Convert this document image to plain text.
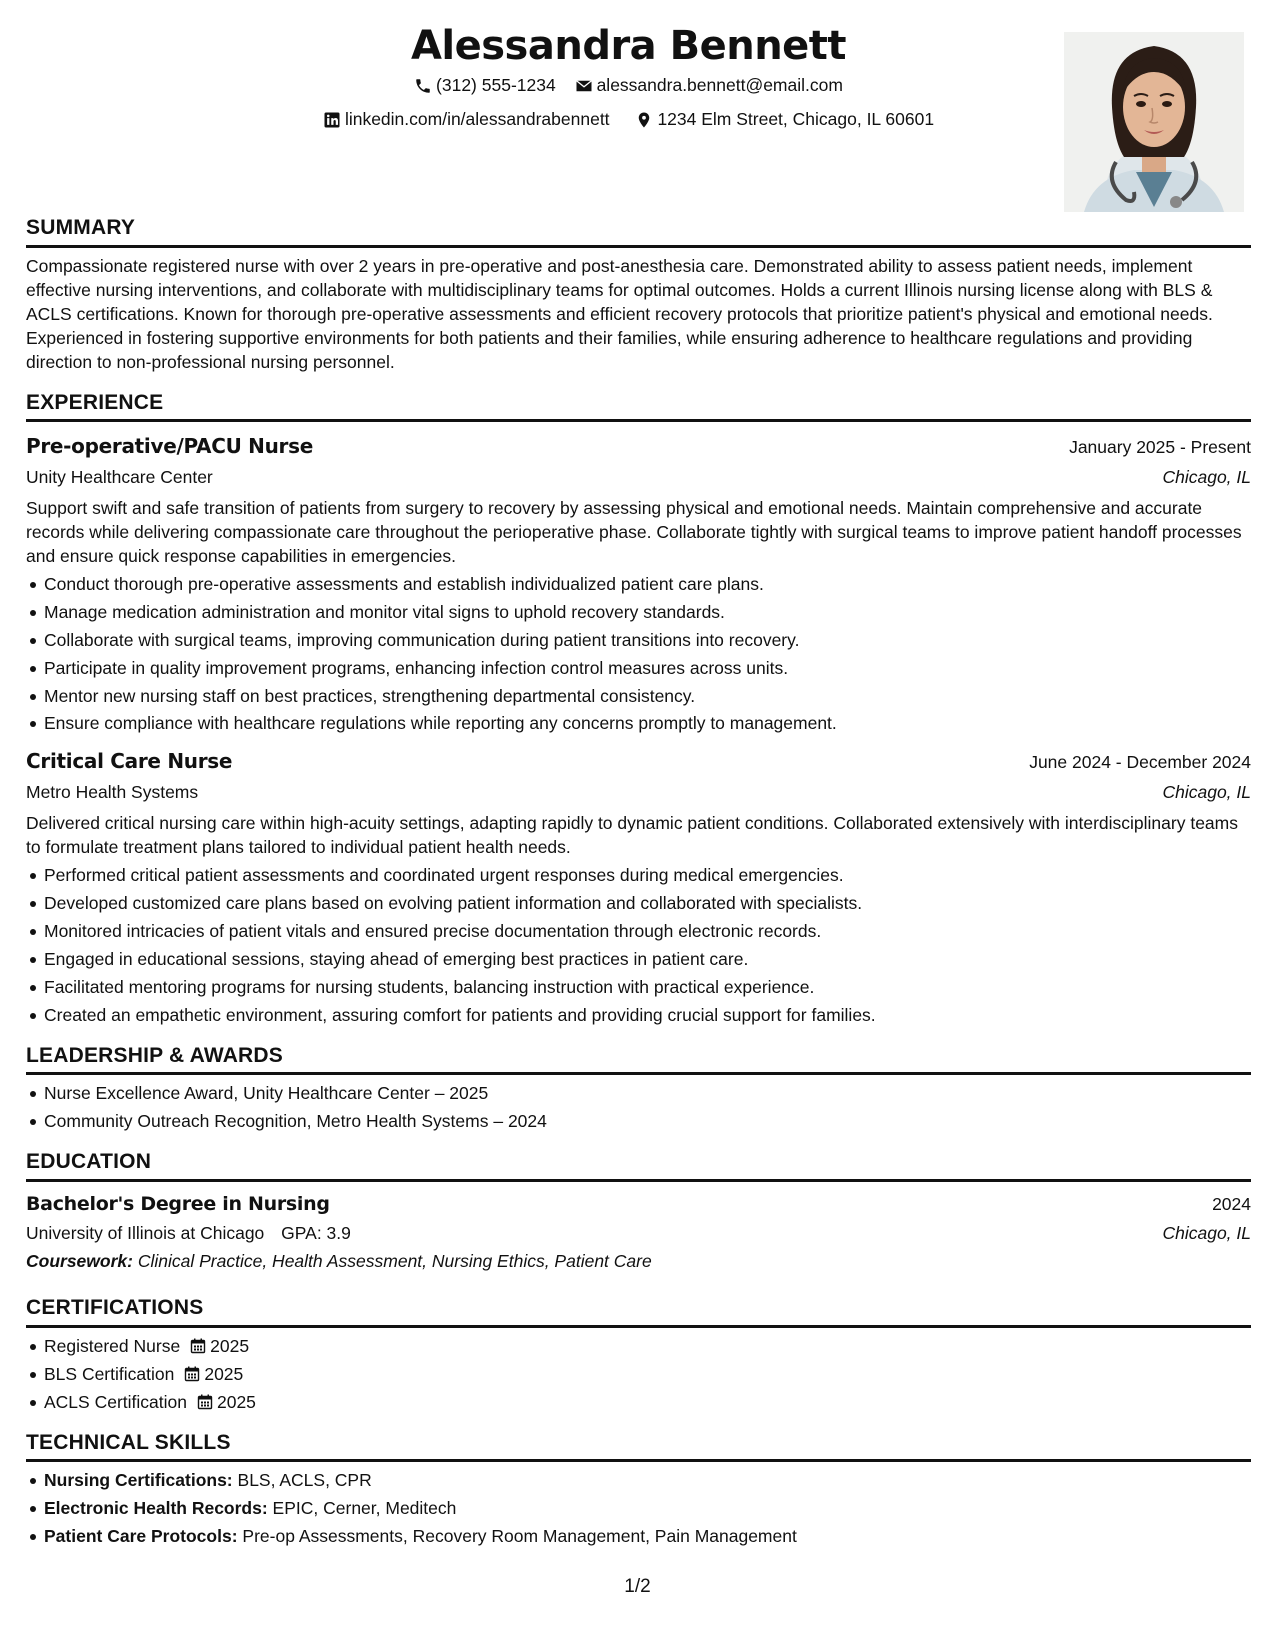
Alessandra Bennett
(312) 555-1234
alessandra.bennett@email.com
linkedin.com/in/alessandrabennett
	1234 Elm Street, Chicago, IL 60601
SUMMARY

Compassionate registered nurse with over 2 years in pre-operative and post-anesthesia care. Demonstrated ability to assess patient needs, implement effective nursing interventions, and collaborate with multidisciplinary teams for optimal outcomes. Holds a current Illinois nursing license along with BLS & ACLS certifications. Known for thorough pre-operative assessments and efficient recovery protocols that prioritize patient's physical and emotional needs. Experienced in fostering supportive environments for both patients and their families, while ensuring adherence to healthcare regulations and providing direction to non-professional nursing personnel.

EXPERIENCE
Pre-operative/PACU Nurse	January 2025 - Present
Unity Healthcare Center	Chicago, IL

Support swift and safe transition of patients from surgery to recovery by assessing physical and emotional needs. Maintain comprehensive and accurate records while delivering compassionate care throughout the perioperative phase. Collaborate tightly with surgical teams to improve patient handoff processes and ensure quick response capabilities in emergencies.

Conduct thorough pre-operative assessments and establish individualized patient care plans.
Manage medication administration and monitor vital signs to uphold recovery standards.
Collaborate with surgical teams, improving communication during patient transitions into recovery.
Participate in quality improvement programs, enhancing infection control measures across units.
Mentor new nursing staff on best practices, strengthening departmental consistency.
Ensure compliance with healthcare regulations while reporting any concerns promptly to management.
Critical Care Nurse	June 2024 - December 2024
Metro Health Systems	Chicago, IL

Delivered critical nursing care within high-acuity settings, adapting rapidly to dynamic patient conditions. Collaborated extensively with interdisciplinary teams to formulate treatment plans tailored to individual patient health needs.

Performed critical patient assessments and coordinated urgent responses during medical emergencies.
Developed customized care plans based on evolving patient information and collaborated with specialists.
Monitored intricacies of patient vitals and ensured precise documentation through electronic records.
Engaged in educational sessions, staying ahead of emerging best practices in patient care.
Facilitated mentoring programs for nursing students, balancing instruction with practical experience.
Created an empathetic environment, assuring comfort for patients and providing crucial support for families.
LEADERSHIP & AWARDS
Nurse Excellence Award, Unity Healthcare Center – 2025
Community Outreach Recognition, Metro Health Systems – 2024
EDUCATION
Bachelor's Degree in Nursing	2024
University of Illinois at Chicago GPA: 3.9	Chicago, IL
Coursework: Clinical Practice, Health Assessment, Nursing Ethics, Patient Care
CERTIFICATIONS
Registered Nurse 2025
BLS Certification 2025
ACLS Certification 2025
TECHNICAL SKILLS
Nursing Certifications: BLS, ACLS, CPR
Electronic Health Records: EPIC, Cerner, Meditech
Patient Care Protocols: Pre-op Assessments, Recovery Room Management, Pain Management
1/2
